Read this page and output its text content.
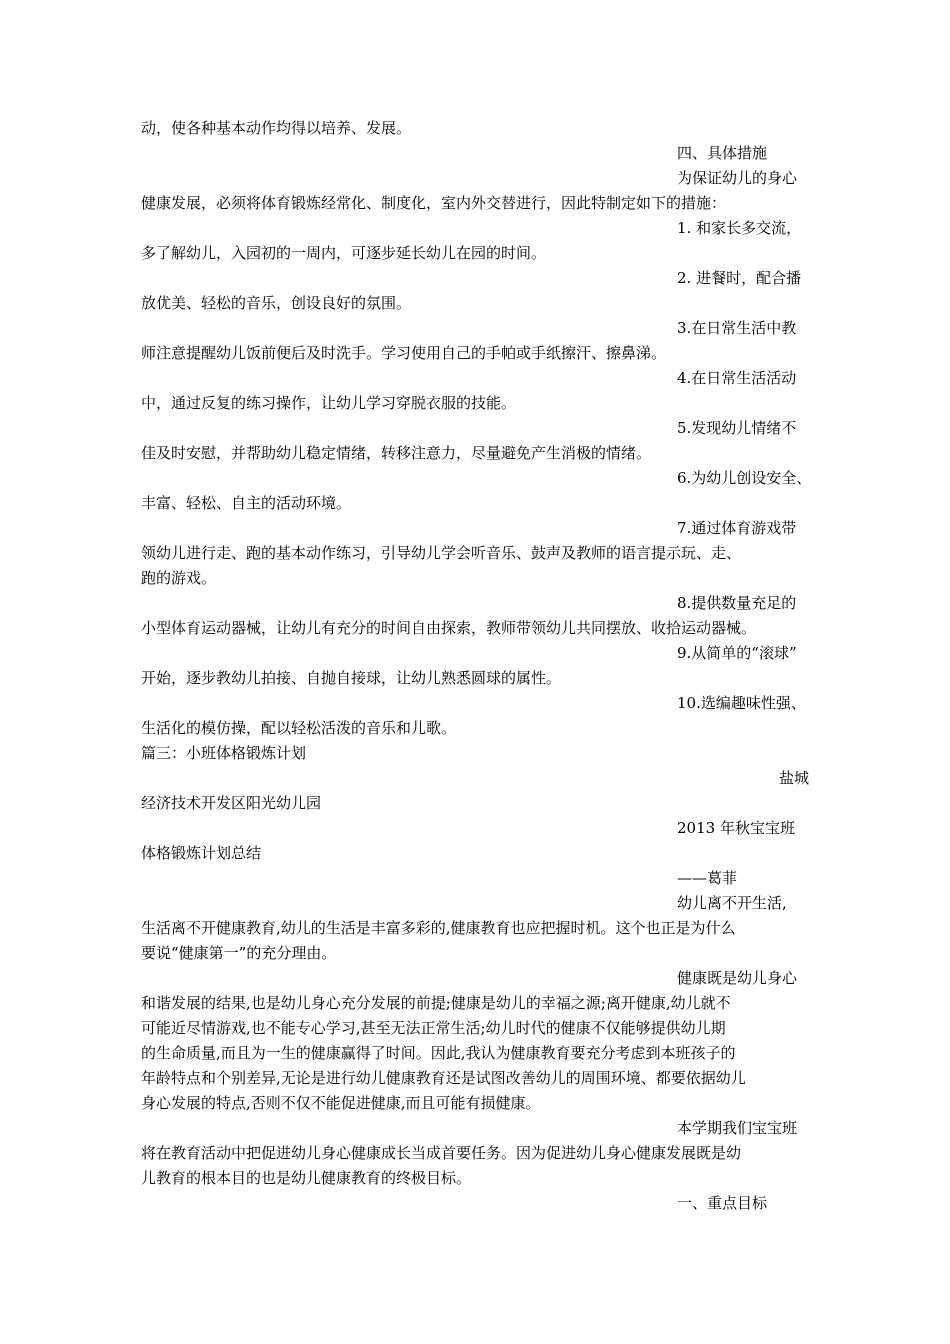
动，使各种基本动作均得以培养、发展。
四、具体措施
为保证幼儿的身心
健康发展，必须将体育锻炼经常化、制度化，室内外交替进行，因此特制定如下的措施：
1. 和家长多交流，
多了解幼儿，入园初的一周内，可逐步延长幼儿在园的时间。
2. 进餐时，配合播
放优美、轻松的音乐，创设良好的氛围。
3.在日常生活中教
师注意提醒幼儿饭前便后及时洗手。学习使用自己的手帕或手纸擦汗、擦鼻涕。
4.在日常生活活动
中，通过反复的练习操作，让幼儿学习穿脱衣服的技能。
5.发现幼儿情绪不
佳及时安慰，并帮助幼儿稳定情绪，转移注意力，尽量避免产生消极的情绪。
6.为幼儿创设安全、
丰富、轻松、自主的活动环境。
7.通过体育游戏带
领幼儿进行走、跑的基本动作练习，引导幼儿学会听音乐、鼓声及教师的语言提示玩、走、
跑的游戏。
8.提供数量充足的
小型体育运动器械，让幼儿有充分的时间自由探索，教师带领幼儿共同摆放、收拾运动器械。
9.从简单的“滚球”
开始，逐步教幼儿拍接、自抛自接球，让幼儿熟悉圆球的属性。
10.选编趣味性强、
生活化的模仿操，配以轻松活泼的音乐和儿歌。
篇三：小班体格锻炼计划
盐城
经济技术开发区阳光幼儿园
2013 年秋宝宝班
体格锻炼计划总结
——葛菲
幼儿离不开生活,
生活离不开健康教育,幼儿的生活是丰富多彩的,健康教育也应把握时机。这个也正是为什么
要说“健康第一”的充分理由。
健康既是幼儿身心
和谐发展的结果,也是幼儿身心充分发展的前提;健康是幼儿的幸福之源;离开健康,幼儿就不
可能近尽情游戏,也不能专心学习,甚至无法正常生活;幼儿时代的健康不仅能够提供幼儿期
的生命质量,而且为一生的健康赢得了时间。因此,我认为健康教育要充分考虑到本班孩子的
年龄特点和个别差异,无论是进行幼儿健康教育还是试图改善幼儿的周围环境、都要依据幼儿
身心发展的特点,否则不仅不能促进健康,而且可能有损健康。
本学期我们宝宝班
将在教育活动中把促进幼儿身心健康成长当成首要任务。因为促进幼儿身心健康发展既是幼
儿教育的根本目的也是幼儿健康教育的终极目标。
一、重点目标
